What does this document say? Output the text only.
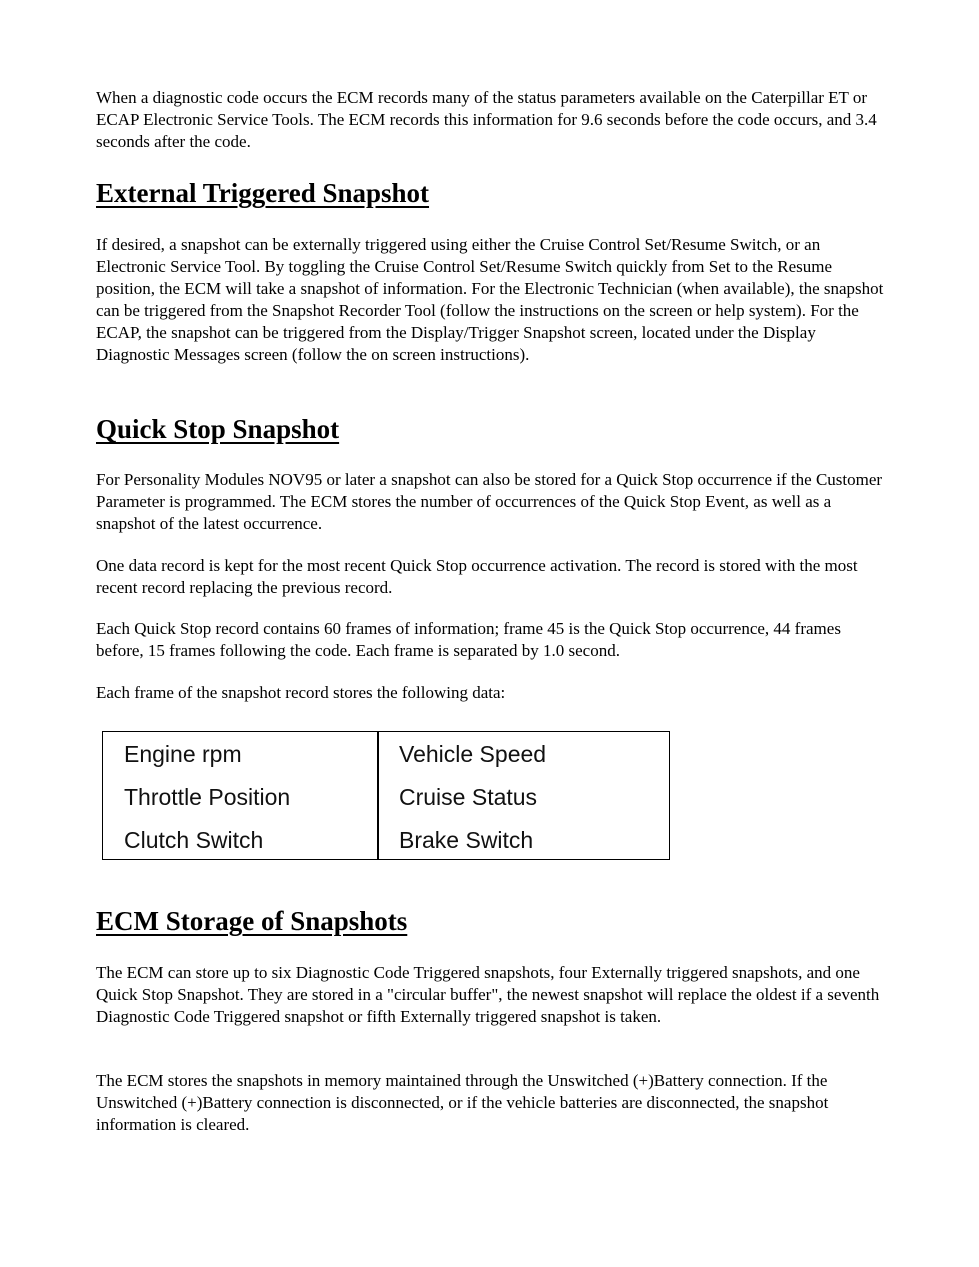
When a diagnostic code occurs the ECM records many of the status parameters available on the Caterpillar ET or ECAP Electronic Service Tools. The ECM records this information for 9.6 seconds before the code occurs, and 3.4 seconds after the code.

External Triggered Snapshot

If desired, a snapshot can be externally triggered using either the Cruise Control Set/Resume Switch, or an Electronic Service Tool. By toggling the Cruise Control Set/Resume Switch quickly from Set to the Resume position, the ECM will take a snapshot of information. For the Electronic Technician (when available), the snapshot can be triggered from the Snapshot Recorder Tool (follow the instructions on the screen or help system). For the ECAP, the snapshot can be triggered from the Display/Trigger Snapshot screen, located under the Display Diagnostic Messages screen (follow the on screen instructions).

Quick Stop Snapshot

For Personality Modules NOV95 or later a snapshot can also be stored for a Quick Stop occurrence if the Customer Parameter is programmed. The ECM stores the number of occurrences of the Quick Stop Event, as well as a snapshot of the latest occurrence.

One data record is kept for the most recent Quick Stop occurrence activation. The record is stored with the most recent record replacing the previous record.

Each Quick Stop record contains 60 frames of information; frame 45 is the Quick Stop occurrence, 44 frames before, 15 frames following the code. Each frame is separated by 1.0 second.

Each frame of the snapshot record stores the following data:

Engine rpm
Throttle Position
Clutch Switch
Vehicle Speed
Cruise Status
Brake Switch
ECM Storage of Snapshots

The ECM can store up to six Diagnostic Code Triggered snapshots, four Externally triggered snapshots, and one Quick Stop Snapshot. They are stored in a "circular buffer", the newest snapshot will replace the oldest if a seventh Diagnostic Code Triggered snapshot or fifth Externally triggered snapshot is taken.

The ECM stores the snapshots in memory maintained through the Unswitched (+)Battery connection. If the Unswitched (+)Battery connection is disconnected, or if the vehicle batteries are disconnected, the snapshot information is cleared.
